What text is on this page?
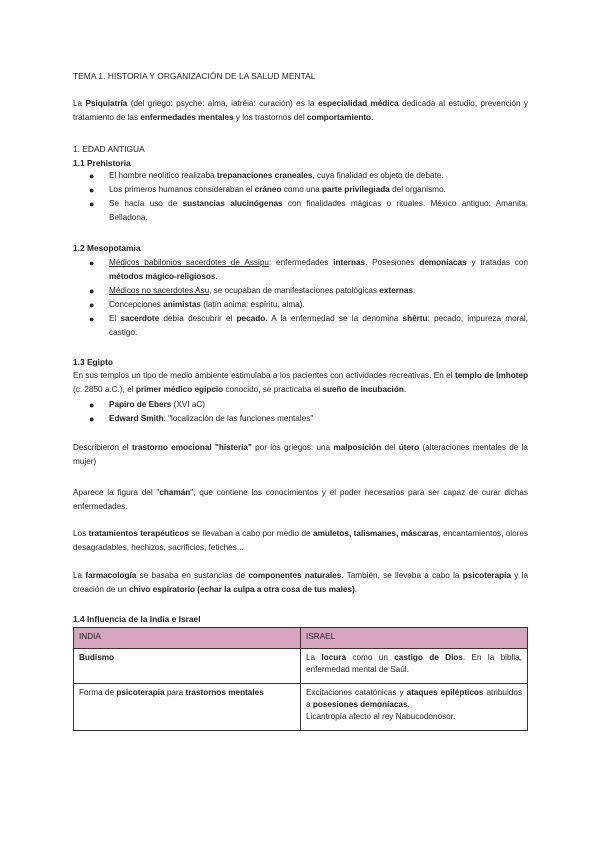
TEMA 1. HISTORIA Y ORGANIZACIÓN DE LA SALUD MENTAL

La Psiquiatría (del griego: psyche: alma, iatréia: curación) es la especialidad médica dedicada al estudio, prevención y tratamiento de las enfermedades mentales y los trastornos del comportamiento.

1. EDAD ANTIGUA
1.1 Prehistoria
● El hombre neolítico realizaba trepanaciones craneales, cuya finalidad es objeto de debate.
● Los primeros humanos consideraban el cráneo como una parte privilegiada del organismo.
● Se hacía uso de sustancias alucinógenas con finalidades mágicas o rituales. México antiguo: Amanita, Belladona.
1.2 Mesopotamia
● Médicos babilonios sacerdotes de Assipu: enfermedades internas. Posesiones demoníacas y tratadas con métodos mágico-religiosos.
● Médicos no sacerdotes Asu, se ocupaban de manifestaciones patológicas externas.
● Concepciones animistas (latín anima: espíritu, alma).
● El sacerdote debía descubrir el pecado. A la enfermedad se la denomina shêrtu: pecado, impureza moral, castigo.
1.3 Egipto

En sus templos un tipo de medio ambiente estimulaba a los pacientes con actividades recreativas. En el templo de Imhotep (c. 2850 a.C.), el primer médico egipcio conocido, se practicaba el sueño de incubación.

● Papiro de Ebers (XVI aC)
● Edward Smith: "localización de las funciones mentales"

Describieron el trastorno emocional "histeria" por los griegos: una malposición del útero (alteraciones mentales de la mujer)

Aparece la figura del "chamán", que contiene los conocimientos y el poder necesarios para ser capaz de curar dichas enfermedades.

Los tratamientos terapéuticos se llevaban a cabo por medio de amuletos, talismanes, máscaras, encantamientos, olores desagradables, hechizos, sacrificios, fetiches...

La farmacología se basaba en sustancias de componentes naturales. También, se llevaba a cabo la psicoterapia y la creación de un chivo espiratorio (echar la culpa a otra cosa de tus males).

1.4 Influencia de la India e Israel
INDIA	ISRAEL
Budismo	La locura como un castigo de Dios. En la biblia, enfermedad mental de Saúl.
Forma de psicoterapia para trastornos mentales	Excitaciones catatónicas y ataques epilépticos atribuidos a posesiones demoníacas.
Licantropía afecto al rey Nabucodonosor.
